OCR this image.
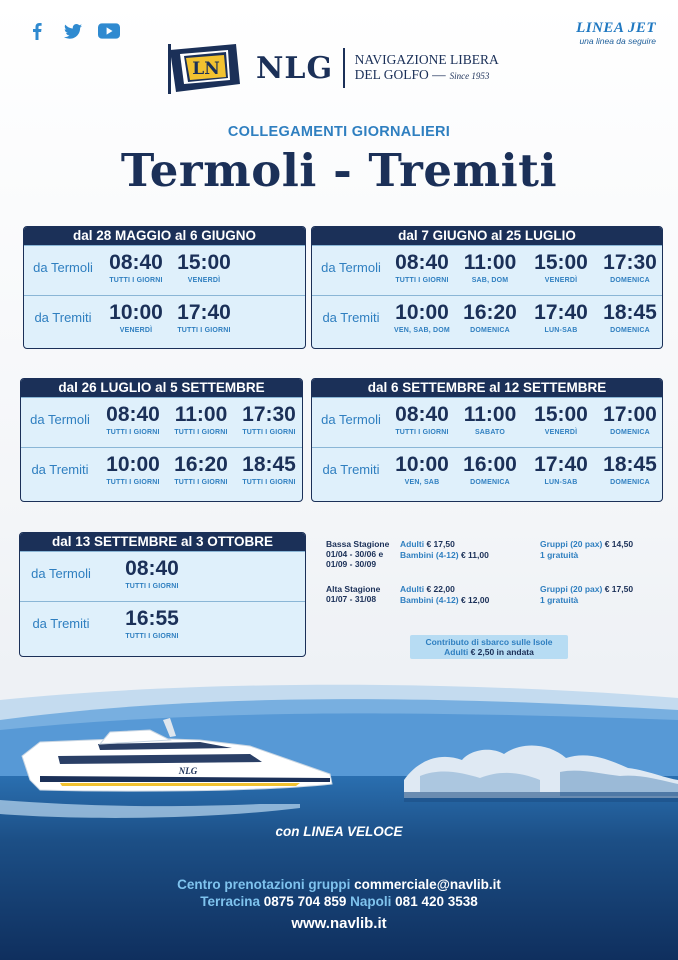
LINEA JET
una linea da seguire
LN NLG NAVIGAZIONE LIBERA
DEL GOLFO — Since 1953
COLLEGAMENTI GIORNALIERI
Termoli - Tremiti
dal 28 MAGGIO al 6 GIUGNO
da Termoli 08:40
TUTTI I GIORNI
15:00
VENERDÌ
da Tremiti 10:00
VENERDÌ
17:40
TUTTI I GIORNI
dal 7 GIUGNO al 25 LUGLIO
da Termoli 08:40
TUTTI I GIORNI
11:00
SAB, DOM
15:00
VENERDÌ
17:30
DOMENICA
da Tremiti 10:00
VEN, SAB, DOM
16:20
DOMENICA
17:40
LUN-SAB
18:45
DOMENICA
dal 26 LUGLIO al 5 SETTEMBRE
da Termoli 08:40
TUTTI I GIORNI
11:00
TUTTI I GIORNI
17:30
TUTTI I GIORNI
da Tremiti 10:00
TUTTI I GIORNI
16:20
TUTTI I GIORNI
18:45
TUTTI I GIORNI
dal 6 SETTEMBRE al 12 SETTEMBRE
da Termoli 08:40
TUTTI I GIORNI
11:00
SABATO
15:00
VENERDÌ
17:00
DOMENICA
da Tremiti 10:00
VEN, SAB
16:00
DOMENICA
17:40
LUN-SAB
18:45
DOMENICA
dal 13 SETTEMBRE al 3 OTTOBRE
da Termoli	08:40
TUTTI I GIORNI
da Tremiti	16:55
TUTTI I GIORNI
Bassa Stagione
01/04 - 30/06 e
01/09 - 30/09
Adulti € 17,50
Bambini (4-12) € 11,00
Gruppi (20 pax) € 14,50
1 gratuità
Alta Stagione
01/07 - 31/08
Adulti € 22,00
Bambini (4-12) € 12,00
Gruppi (20 pax) € 17,50
1 gratuità
Contributo di sbarco sulle Isole
Adulti € 2,50 in andata
NLG
con LINEA VELOCE
Centro prenotazioni gruppi commerciale@navlib.it
Terracina 0875 704 859 Napoli 081 420 3538
www.navlib.it
